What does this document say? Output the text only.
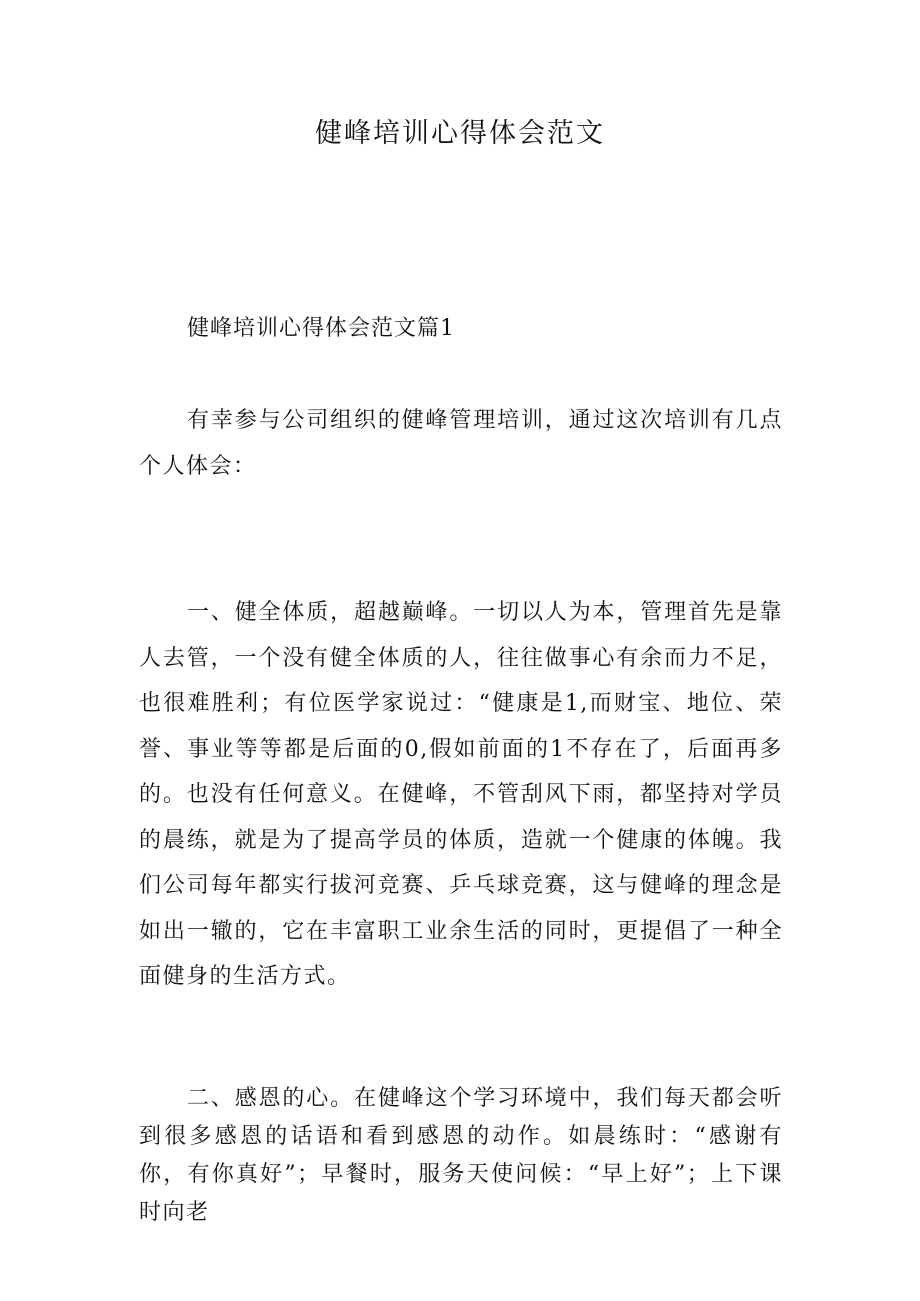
健峰培训心得体会范文
健峰培训心得体会范文篇1

有幸参与公司组织的健峰管理培训，通过这次培训有几点个人体会：

一、健全体质，超越巅峰。一切以人为本，管理首先是靠人去管，一个没有健全体质的人，往往做事心有余而力不足，也很难胜利；有位医学家说过：“健康是1,而财宝、地位、荣誉、事业等等都是后面的0,假如前面的1不存在了，后面再多的。也没有任何意义。在健峰，不管刮风下雨，都坚持对学员的晨练，就是为了提高学员的体质，造就一个健康的体魄。我们公司每年都实行拔河竞赛、乒乓球竞赛，这与健峰的理念是如出一辙的，它在丰富职工业余生活的同时，更提倡了一种全面健身的生活方式。

二、感恩的心。在健峰这个学习环境中，我们每天都会听到很多感恩的话语和看到感恩的动作。如晨练时：“感谢有你，有你真好”；早餐时，服务天使问候：“早上好”；上下课时向老
